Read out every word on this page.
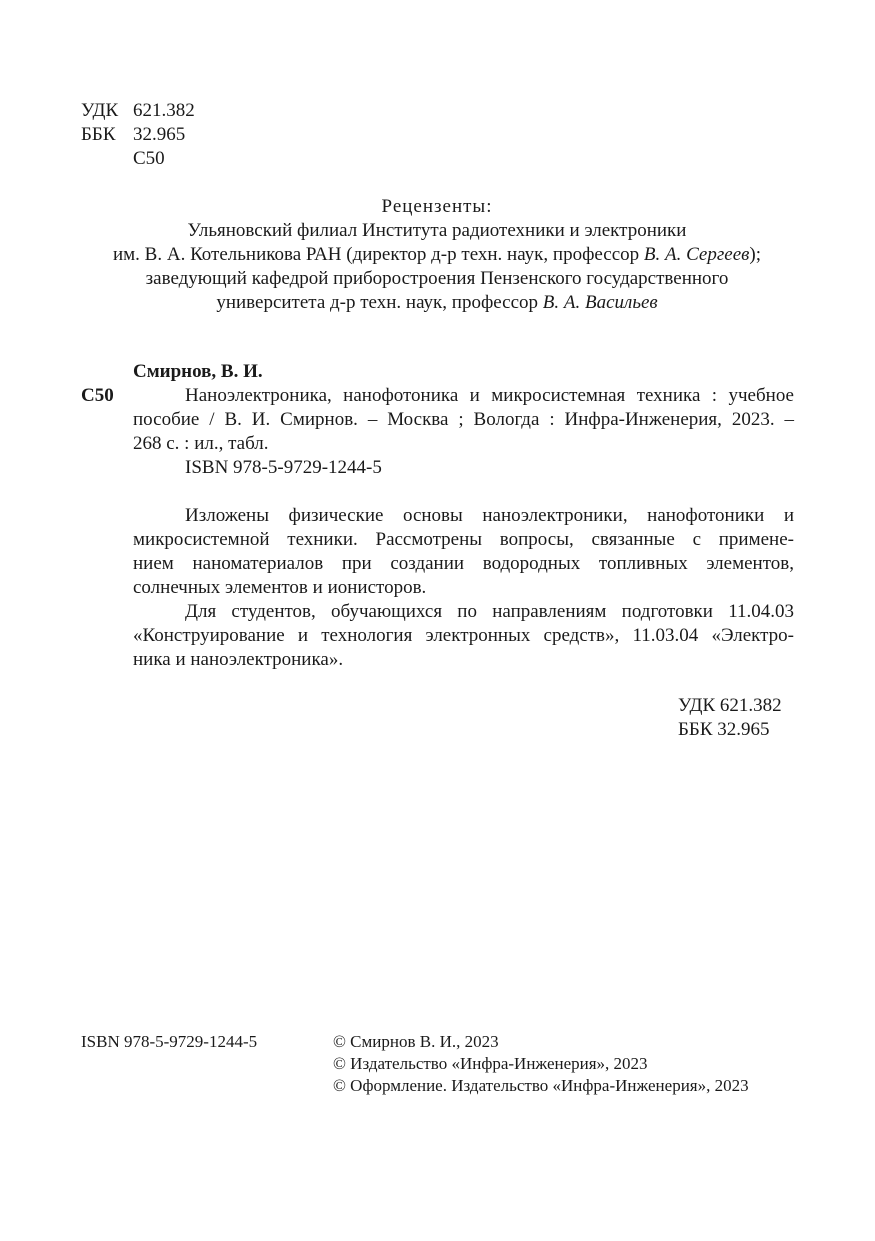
УДК 621.382
ББК 32.965
С50
Рецензенты:
Ульяновский филиал Института радиотехники и электроники
им. В. А. Котельникова РАН (директор д-р техн. наук, профессор В. А. Сергеев);
заведующий кафедрой приборостроения Пензенского государственного
университета д-р техн. наук, профессор В. А. Васильев
Смирнов, В. И.
С50	Наноэлектроника, нанофотоника и микросистемная техника : учебное
пособие / В. И. Смирнов. – Москва ; Вологда : Инфра-Инженерия, 2023. –
268 с. : ил., табл.
ISBN 978-5-9729-1244-5
Изложены физические основы наноэлектроники, нанофотоники и
микросистемной техники. Рассмотрены вопросы, связанные с примене-
нием наноматериалов при создании водородных топливных элементов,
солнечных элементов и ионисторов.
Для студентов, обучающихся по направлениям подготовки 11.04.03
«Конструирование и технология электронных средств», 11.03.04 «Электро-
ника и наноэлектроника».
УДК 621.382
ББК 32.965
ISBN 978-5-9729-1244-5	© Смирнов В. И., 2023
© Издательство «Инфра-Инженерия», 2023
© Оформление. Издательство «Инфра-Инженерия», 2023
